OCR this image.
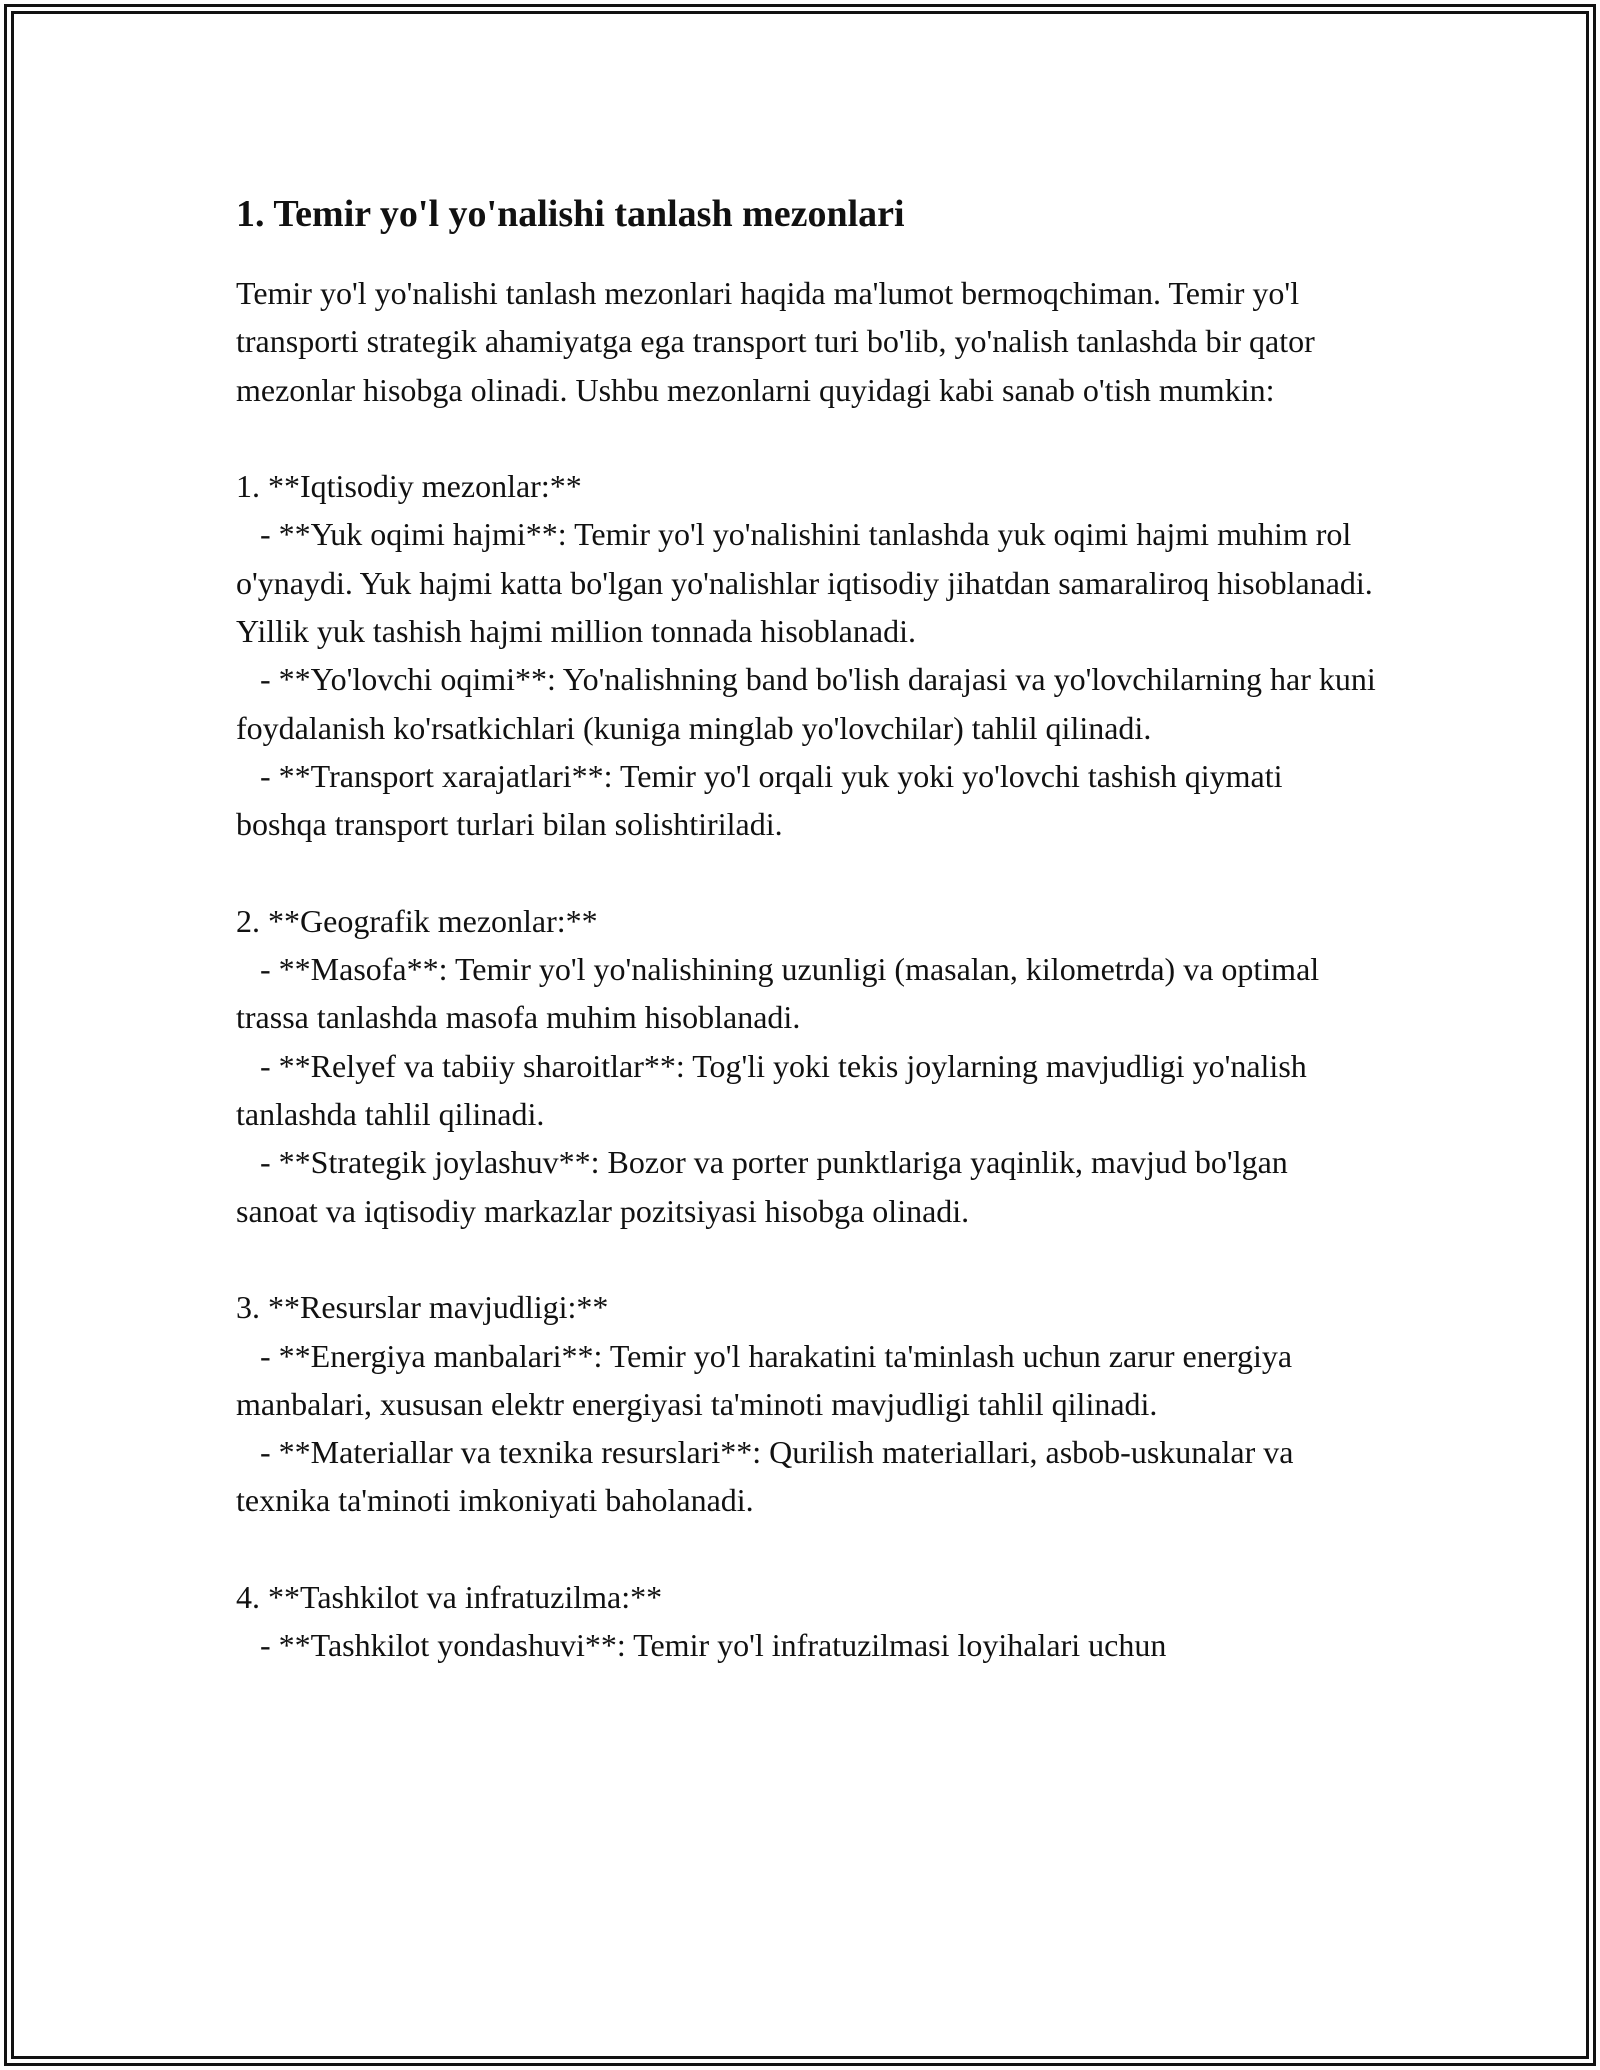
1. Temir yo'l yo'nalishi tanlash mezonlari

Temir yo'l yo'nalishi tanlash mezonlari haqida ma'lumot bermoqchiman. Temir yo'l transporti strategik ahamiyatga ega transport turi bo'lib, yo'nalish tanlashda bir qator mezonlar hisobga olinadi. Ushbu mezonlarni quyidagi kabi sanab o'tish mumkin:

1. **Iqtisodiy mezonlar:**
- **Yuk oqimi hajmi**: Temir yo'l yo'nalishini tanlashda yuk oqimi hajmi muhim rol o'ynaydi. Yuk hajmi katta bo'lgan yo'nalishlar iqtisodiy jihatdan samaraliroq hisoblanadi. Yillik yuk tashish hajmi million tonnada hisoblanadi.
- **Yo'lovchi oqimi**: Yo'nalishning band bo'lish darajasi va yo'lovchilarning har kuni foydalanish ko'rsatkichlari (kuniga minglab yo'lovchilar) tahlil qilinadi.
- **Transport xarajatlari**: Temir yo'l orqali yuk yoki yo'lovchi tashish qiymati boshqa transport turlari bilan solishtiriladi.

2. **Geografik mezonlar:**
- **Masofa**: Temir yo'l yo'nalishining uzunligi (masalan, kilometrda) va optimal trassa tanlashda masofa muhim hisoblanadi.
- **Relyef va tabiiy sharoitlar**: Tog'li yoki tekis joylarning mavjudligi yo'nalish tanlashda tahlil qilinadi.
- **Strategik joylashuv**: Bozor va porter punktlariga yaqinlik, mavjud bo'lgan sanoat va iqtisodiy markazlar pozitsiyasi hisobga olinadi.

3. **Resurslar mavjudligi:**
- **Energiya manbalari**: Temir yo'l harakatini ta'minlash uchun zarur energiya manbalari, xususan elektr energiyasi ta'minoti mavjudligi tahlil qilinadi.
- **Materiallar va texnika resurslari**: Qurilish materiallari, asbob-uskunalar va texnika ta'minoti imkoniyati baholanadi.

4. **Tashkilot va infratuzilma:**
- **Tashkilot yondashuvi**: Temir yo'l infratuzilmasi loyihalari uchun
